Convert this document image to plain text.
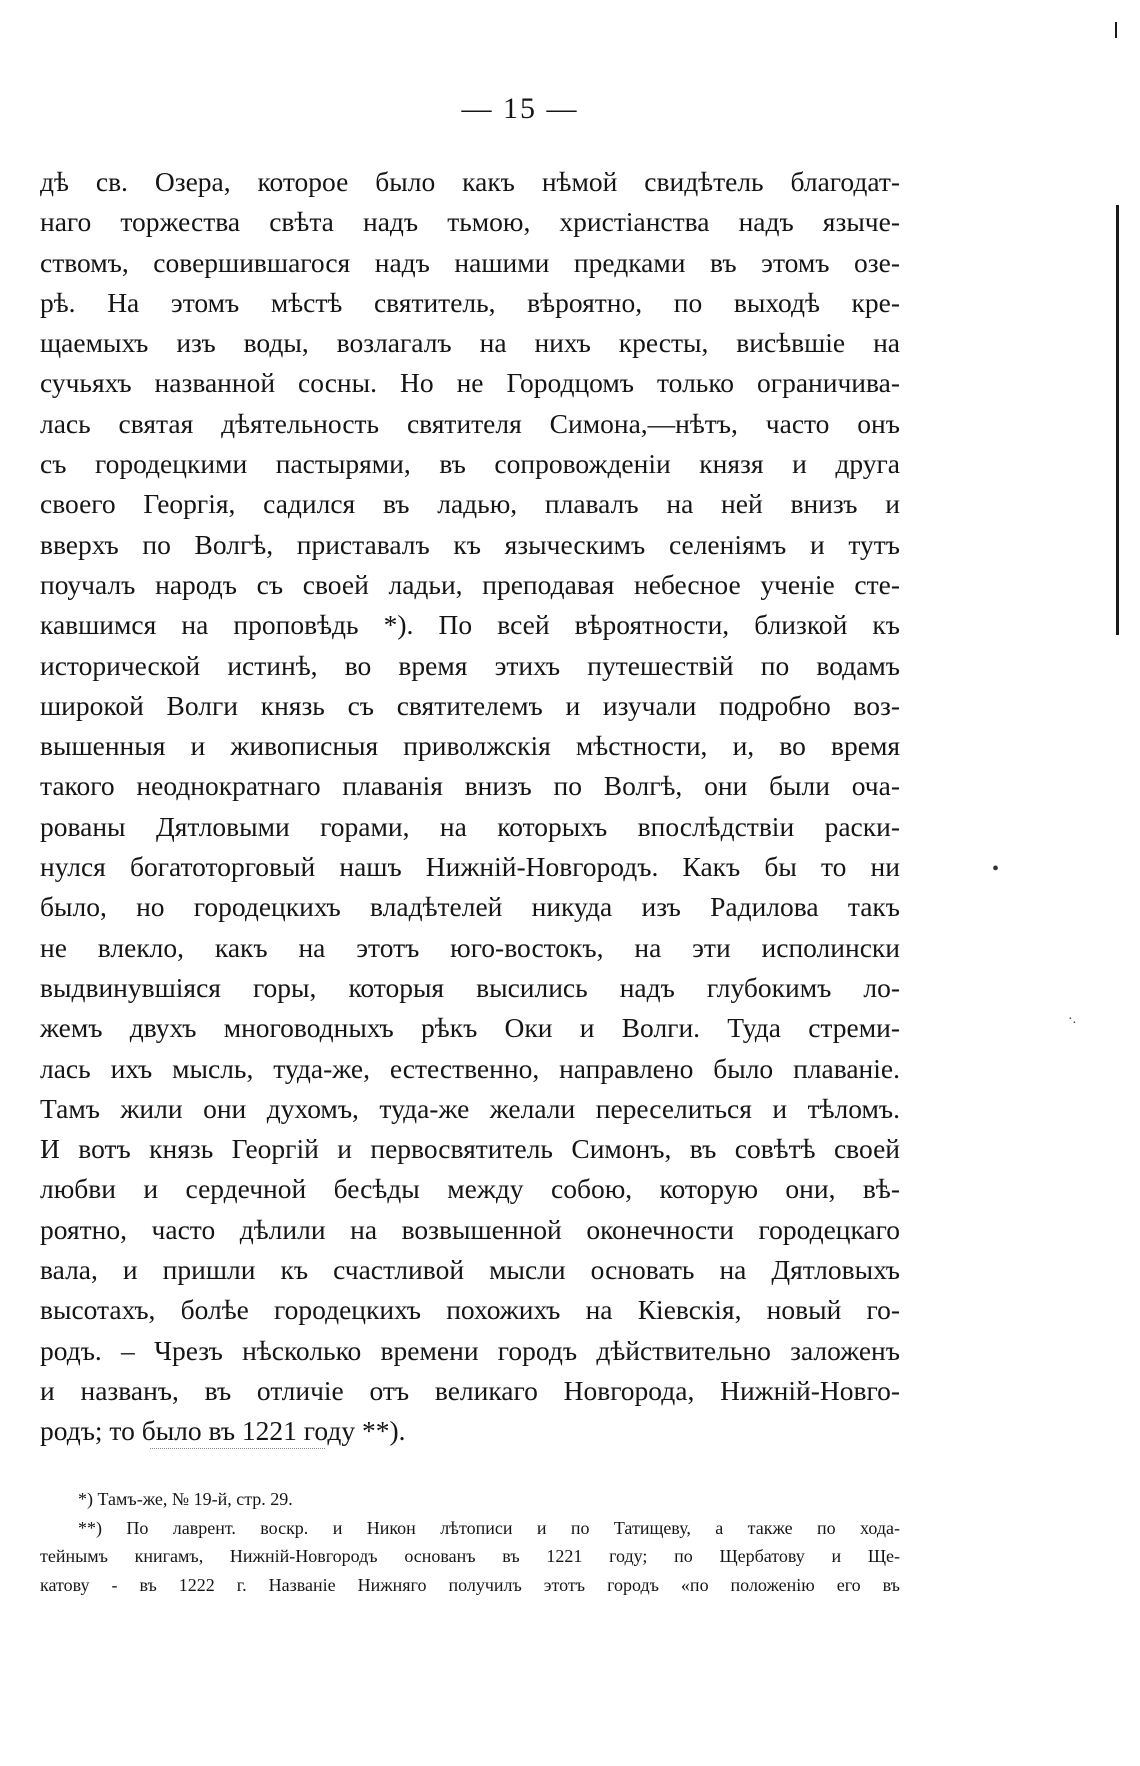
— 15 —
дѣ св. Озера, которое было какъ нѣмой свидѣтель благодат-
наго торжества свѣта надъ тьмою, христіанства надъ язычe-
ствомъ, совершившагося надъ нашими предками въ этомъ озе-
рѣ. На этомъ мѣстѣ святитель, вѣроятно, по выходѣ кре-
щаемыхъ изъ воды, возлагалъ на нихъ кресты, висѣвшіе на
сучьяхъ названной сосны. Но не Городцомъ только ограничива-
лась святая дѣятельность святителя Симона,—нѣтъ, часто онъ
съ городецкими пастырями, въ сопровожденіи князя и друга
своего Георгія, садился въ ладью, плавалъ на ней внизъ и
вверхъ по Волгѣ, приставалъ къ языческимъ селеніямъ и тутъ
поучалъ народъ съ своей ладьи, преподавая небесное ученіе сте-
кавшимся на проповѣдь *). По всей вѣроятности, близкой къ
исторической истинѣ, во время этихъ путешествій по водамъ
широкой Волги князь съ святителемъ и изучали подробно воз-
вышенныя и живописныя приволжскія мѣстности, и, во время
такого неоднократнаго плаванія внизъ по Волгѣ, они были оча-
рованы Дятловыми горами, на которыхъ впослѣдствіи раски-
нулся богатоторговый нашъ Нижній-Новгородъ. Какъ бы то ни
было, но городецкихъ владѣтелей никуда изъ Радилова такъ
не влекло, какъ на этотъ юго-востокъ, на эти исполински
выдвинувшіяся горы, которыя высились надъ глубокимъ ло-
жемъ двухъ многоводныхъ рѣкъ Оки и Волги. Туда стреми-
лась ихъ мысль, туда-же, естественно, направлено было плаваніе.
Тамъ жили они духомъ, туда-же желали переселиться и тѣломъ.
И вотъ князь Георгій и первосвятитель Симонъ, въ совѣтѣ своей
любви и сердечной бесѣды между собою, которую они, вѣ-
роятно, часто дѣлили на возвышенной оконечности городецкаго
вала, и пришли къ счастливой мысли основать на Дятловыхъ
высотахъ, болѣе городецкихъ похожихъ на Кіевскія, новый го-
родъ. – Чрезъ нѣсколько времени городъ дѣйствительно заложенъ
и названъ, въ отличіе отъ великаго Новгорода, Нижній-Новго-
родъ; то было въ 1221 году **).
•
·.
*) Тамъ-же, № 19-й, стр. 29.
**) По лаврент. воскр. и Никон лѣтописи и по Татищеву, а также по хода-
тейнымъ книгамъ, Нижній-Новгородъ основанъ въ 1221 году; по Щербатову и Ще-
катову - въ 1222 г. Названіе Нижняго получилъ этотъ городъ «по положенію его въ
